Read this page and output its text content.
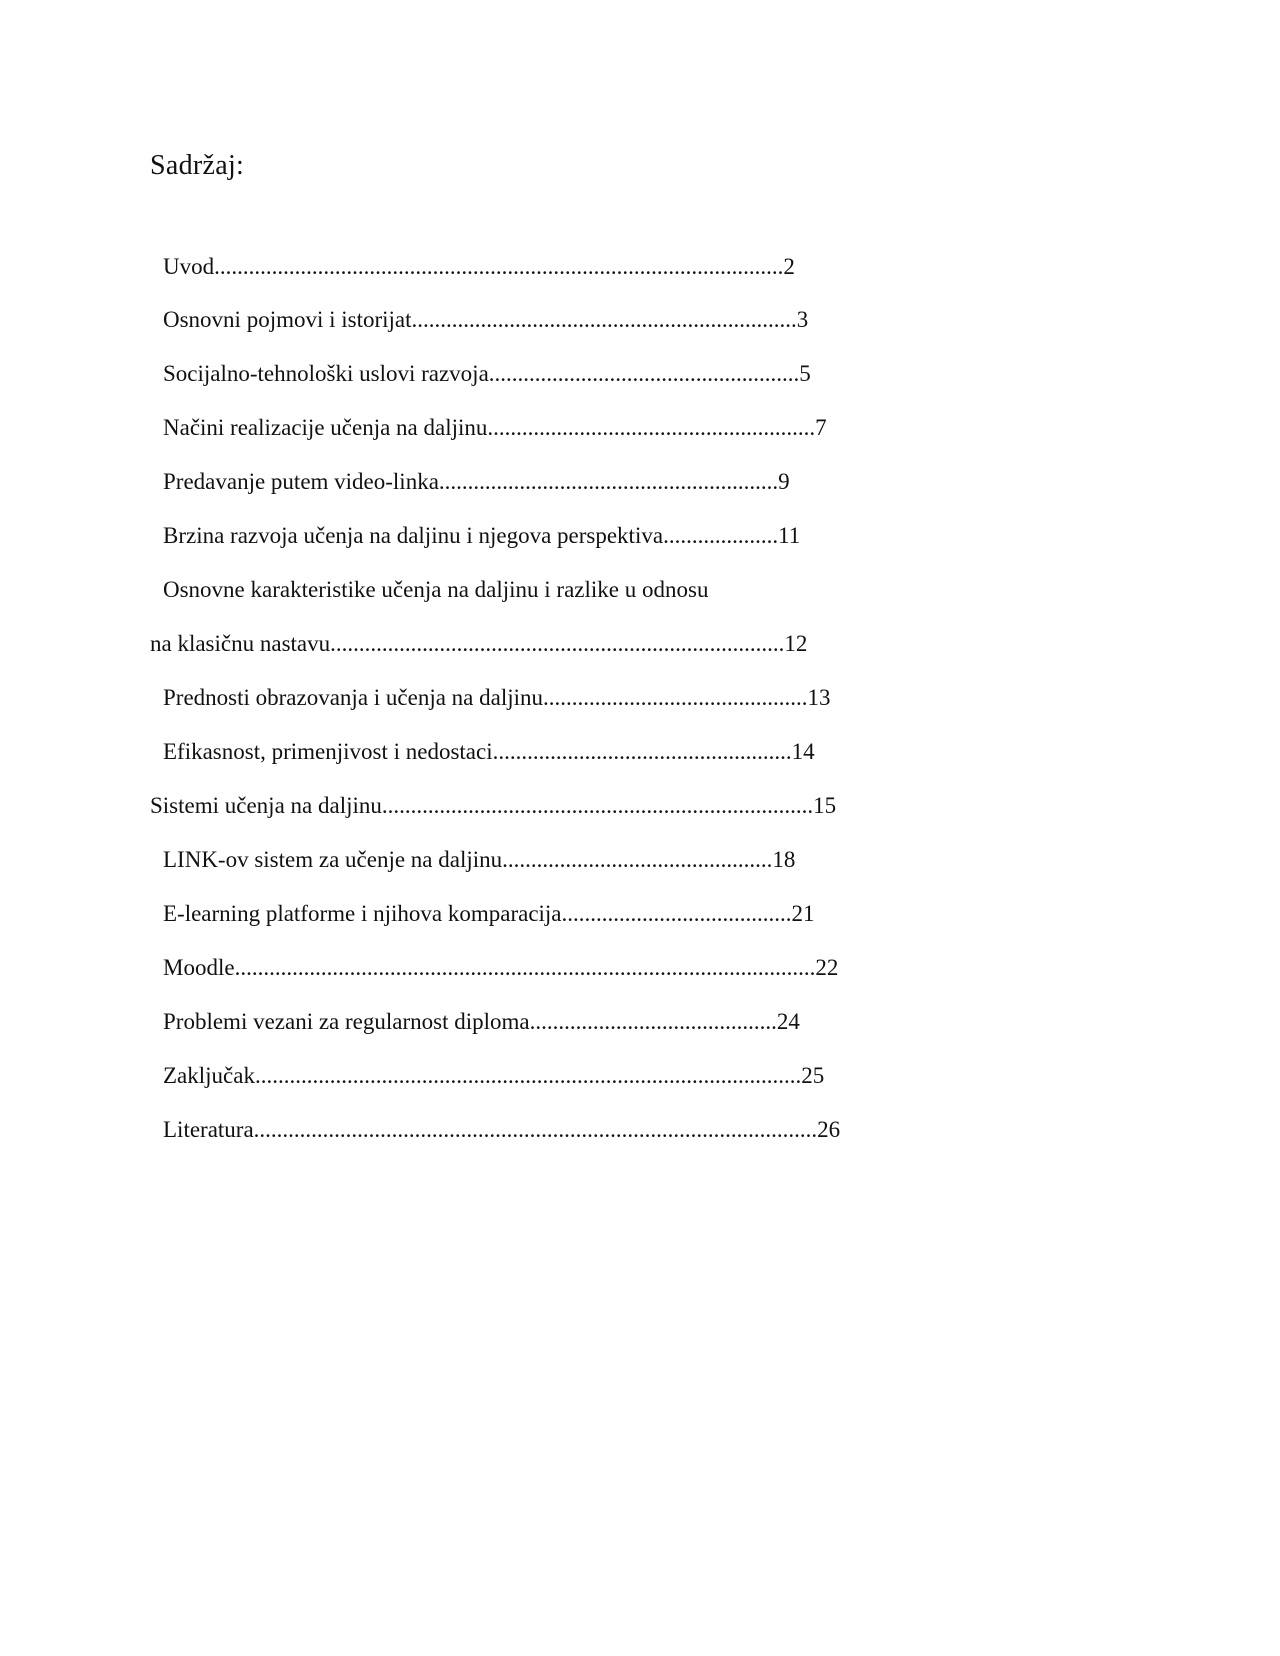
Sadržaj:
Uvod...................................................................................................2
Osnovni pojmovi i istorijat...................................................................3
Socijalno-tehnološki uslovi razvoja......................................................5
Načini realizacije učenja na daljinu.........................................................7
Predavanje putem video-linka...........................................................9
Brzina razvoja učenja na daljinu i njegova perspektiva....................11
Osnovne karakteristike učenja na daljinu i razlike u odnosu
na klasičnu nastavu...............................................................................12
Prednosti obrazovanja i učenja na daljinu..............................................13
Efikasnost, primenjivost i nedostaci....................................................14
Sistemi učenja na daljinu...........................................................................15
LINK-ov sistem za učenje na daljinu...............................................18
E-learning platforme i njihova komparacija........................................21
Moodle.....................................................................................................22
Problemi vezani za regularnost diploma...........................................24
Zaključak...............................................................................................25
Literatura..................................................................................................26
